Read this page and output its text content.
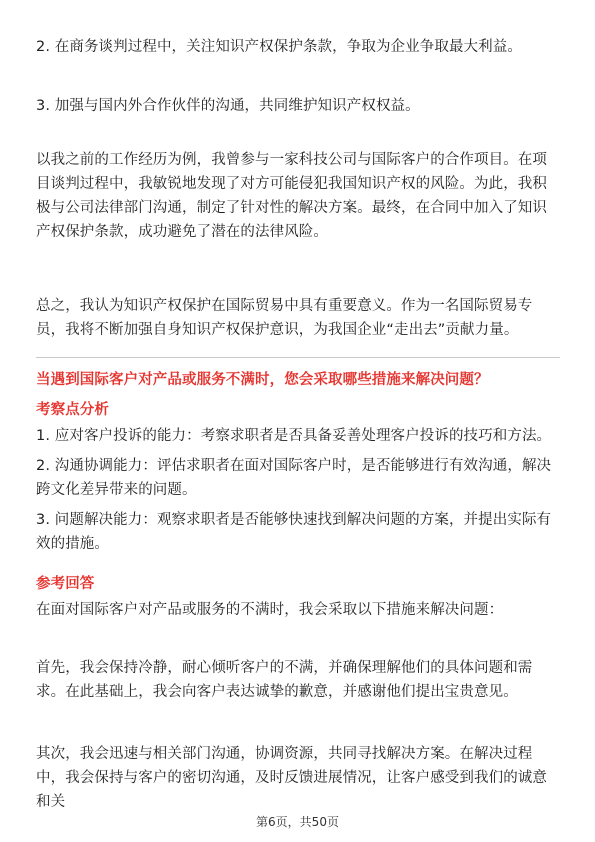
2. 在商务谈判过程中，关注知识产权保护条款，争取为企业争取最大利益。

3. 加强与国内外合作伙伴的沟通，共同维护知识产权权益。

以我之前的工作经历为例，我曾参与一家科技公司与国际客户的合作项目。在项目谈判过程中，我敏锐地发现了对方可能侵犯我国知识产权的风险。为此，我积极与公司法律部门沟通，制定了针对性的解决方案。最终，在合同中加入了知识产权保护条款，成功避免了潜在的法律风险。

总之，我认为知识产权保护在国际贸易中具有重要意义。作为一名国际贸易专员，我将不断加强自身知识产权保护意识，为我国企业“走出去”贡献力量。

当遇到国际客户对产品或服务不满时，您会采取哪些措施来解决问题？

考察点分析

1. 应对客户投诉的能力：考察求职者是否具备妥善处理客户投诉的技巧和方法。

2. 沟通协调能力：评估求职者在面对国际客户时，是否能够进行有效沟通，解决跨文化差异带来的问题。

3. 问题解决能力：观察求职者是否能够快速找到解决问题的方案，并提出实际有效的措施。

参考回答

在面对国际客户对产品或服务的不满时，我会采取以下措施来解决问题：

首先，我会保持冷静，耐心倾听客户的不满，并确保理解他们的具体问题和需求。在此基础上，我会向客户表达诚挚的歉意，并感谢他们提出宝贵意见。

其次，我会迅速与相关部门沟通，协调资源，共同寻找解决方案。在解决过程中，我会保持与客户的密切沟通，及时反馈进展情况，让客户感受到我们的诚意和关

第6页，共50页
